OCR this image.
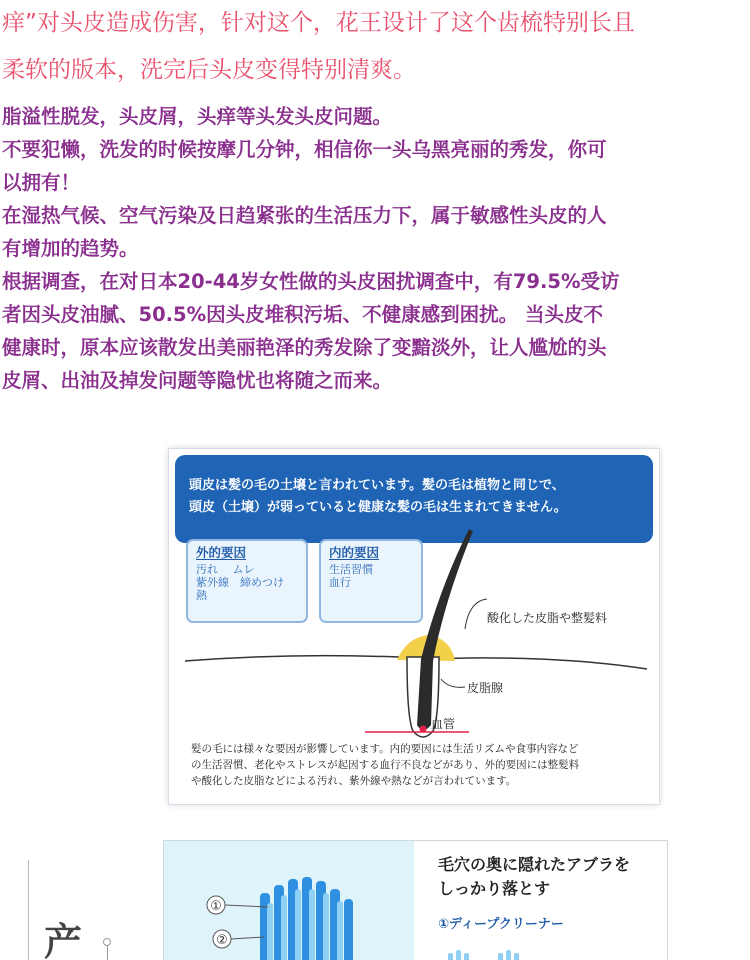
痒”对头皮造成伤害，针对这个，花王设计了这个齿梳特别长且

柔软的版本，洗完后头皮变得特别清爽。

脂溢性脱发，头皮屑，头痒等头发头皮问题。

不要犯懒，洗发的时候按摩几分钟，相信你一头乌黑亮丽的秀发，你可

以拥有！

在湿热气候、空气污染及日趋紧张的生活压力下，属于敏感性头皮的人

有增加的趋势。

根据调查，在对日本20-44岁女性做的头皮困扰调查中，有79.5%受访

者因头皮油腻、50.5%因头皮堆积污垢、不健康感到困扰。 当头皮不

健康时，原本应该散发出美丽艳泽的秀发除了变黯淡外，让人尴尬的头

皮屑、出油及掉发问题等隐忧也将随之而来。

頭皮は髪の毛の土壌と言われています。髪の毛は植物と同じで、

頭皮（土壌）が弱っていると健康な髪の毛は生まれてきません。

外的要因

汚れ　 ムレ

紫外線　締めつけ

熱

内的要因

生活習慣

血行

酸化した皮脂や整髪料
皮脂腺
血管

髪の毛には様々な要因が影響しています。内的要因には生活リズムや食事内容など

の生活習慣、老化やストレスが起因する血行不良などがあり、外的要因には整髪料

や酸化した皮脂などによる汚れ、紫外線や熱などが言われています。

产
①
②

毛穴の奥に隠れたアブラを

しっかり落とす

①ディープクリーナー
